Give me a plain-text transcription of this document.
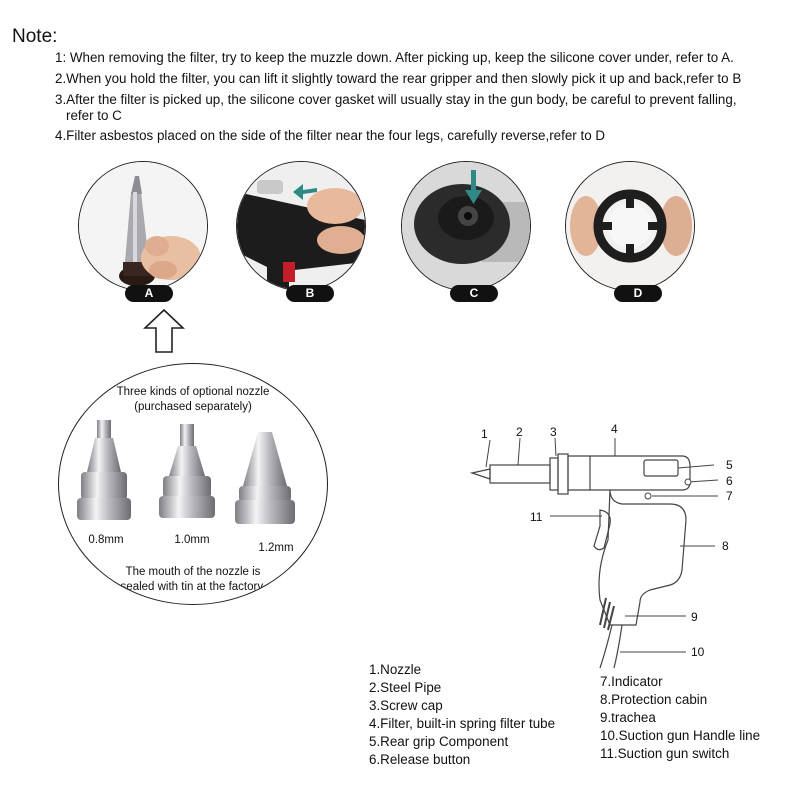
Note:
1: When removing the filter, try to keep the muzzle down. After picking up, keep the silicone cover under, refer to A.
2.When you hold the filter, you can lift it slightly toward the rear gripper and then slowly pick it up and back,refer to B
3.After the filter is picked up, the silicone cover gasket will usually stay in the gun body, be careful to prevent falling,
refer to C
4.Filter asbestos placed on the side of the filter near the four legs, carefully reverse,refer to D
A	B	C	D
Three kinds of optional nozzle
(purchased separately)
0.8mm	1.0mm
1.2mm
The mouth of the nozzle is
sealed with tin at the factory.
1 2 3	4
5
6
7
8
9
10
11
1.Nozzle
2.Steel Pipe
3.Screw cap
4.Filter, built-in spring filter tube
5.Rear grip Component
6.Release button
7.Indicator
8.Protection cabin
9.trachea
10.Suction gun Handle line
11.Suction gun switch
